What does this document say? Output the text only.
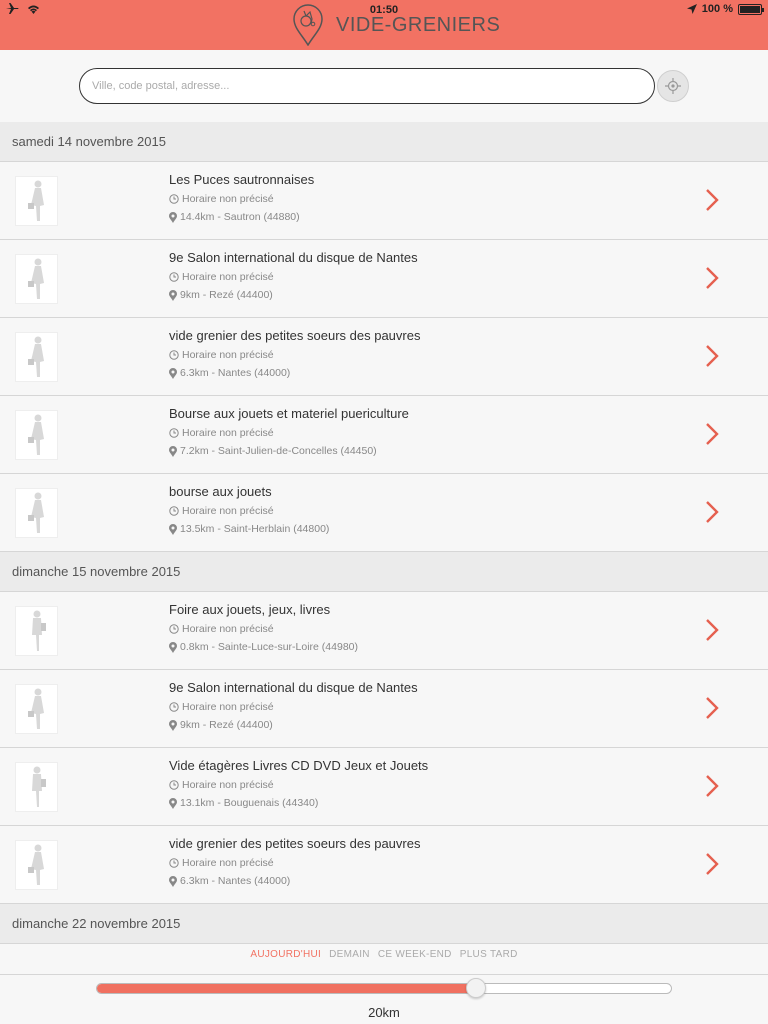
01:50	100 %
VIDE-GRENIERS
Ville, code postal, adresse...
samedi 14 novembre 2015
Les Puces sautronnaises
Horaire non précisé
14.4km - Sautron (44880)
9e Salon international du disque de Nantes
Horaire non précisé
9km - Rezé (44400)
vide grenier des petites soeurs des pauvres
Horaire non précisé
6.3km - Nantes (44000)
Bourse aux jouets et materiel puericulture
Horaire non précisé
7.2km - Saint-Julien-de-Concelles (44450)
bourse aux jouets
Horaire non précisé
13.5km - Saint-Herblain (44800)
dimanche 15 novembre 2015
Foire aux jouets, jeux, livres
Horaire non précisé
0.8km - Sainte-Luce-sur-Loire (44980)
9e Salon international du disque de Nantes
Horaire non précisé
9km - Rezé (44400)
Vide étagères Livres CD DVD Jeux et Jouets
Horaire non précisé
13.1km - Bouguenais (44340)
vide grenier des petites soeurs des pauvres
Horaire non précisé
6.3km - Nantes (44000)
dimanche 22 novembre 2015
AUJOURD'HUI DEMAIN CE WEEK-END PLUS TARD
20km
